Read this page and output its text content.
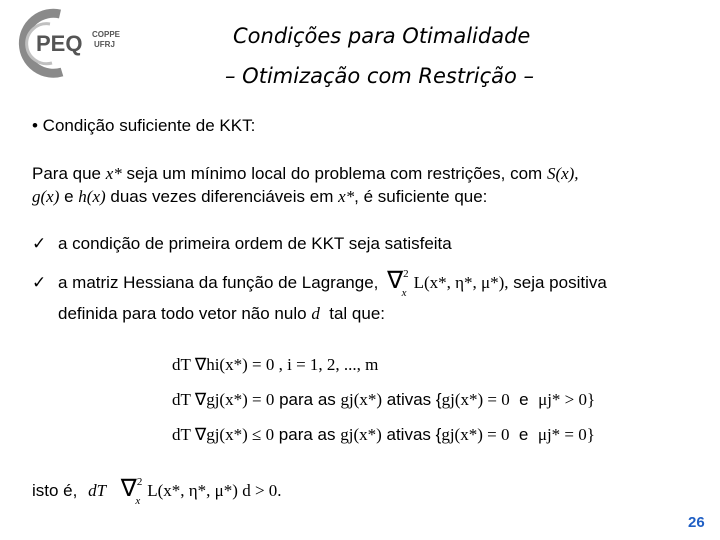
PEQ COPPE
UFRJ	Condições para Otimalidade
– Otimização com Restrição –
• Condição suficiente de KKT:
Para que x* seja um mínimo local do problema com restrições, com S(x),
g(x) e h(x) duas vezes diferenciáveis em x*, é suficiente que:
✓ a condição de primeira ordem de KKT seja satisfeita
✓ a matriz Hessiana da função de Lagrange, ∇$^2_x$L(x*, η*, μ*), seja positiva
definida para todo vetor não nulo d  tal que:
dT ∇hi(x*) = 0 , i = 1, 2, ..., m
dT ∇gj(x*) = 0 para as gj(x*) ativas {gj(x*) = 0  e  μj* > 0}
dT ∇gj(x*) ≤ 0 para as gj(x*) ativas {gj(x*) = 0  e  μj* = 0}
isto é, dT ∇$^2_x$L(x*, η*, μ*) d > 0.
26
